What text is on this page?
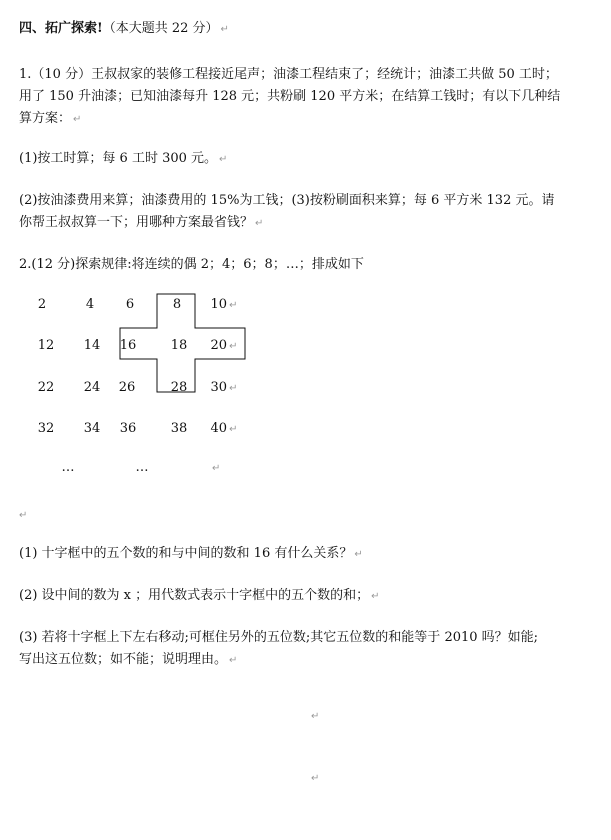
四、拓广探索!（本大题共 22 分） ↵
1.（10 分）王叔叔家的装修工程接近尾声；油漆工程结束了；经统计；油漆工共做 50 工时；
用了 150 升油漆；已知油漆每升 128 元；共粉刷 120 平方米；在结算工钱时；有以下几种结
算方案： ↵
(1)按工时算；每 6 工时 300 元。 ↵
(2)按油漆费用来算；油漆费用的 15%为工钱；(3)按粉刷面积来算；每 6 平方米 132 元。请
你帮王叔叔算一下；用哪种方案最省钱？ ↵
2.(12 分)探索规律:将连续的偶 2；4；6；8；…；排成如下
2	4	6	8	10 ↵
12	14	16	18	20 ↵
22	24	26	28	30 ↵
32	34	36	38	40 ↵
…	…	↵
↵
(1) 十字框中的五个数的和与中间的数和 16 有什么关系？ ↵
(2) 设中间的数为 x ；用代数式表示十字框中的五个数的和； ↵
(3) 若将十字框上下左右移动;可框住另外的五位数;其它五位数的和能等于 2010 吗？如能;
写出这五位数；如不能；说明理由。 ↵
↵
↵
